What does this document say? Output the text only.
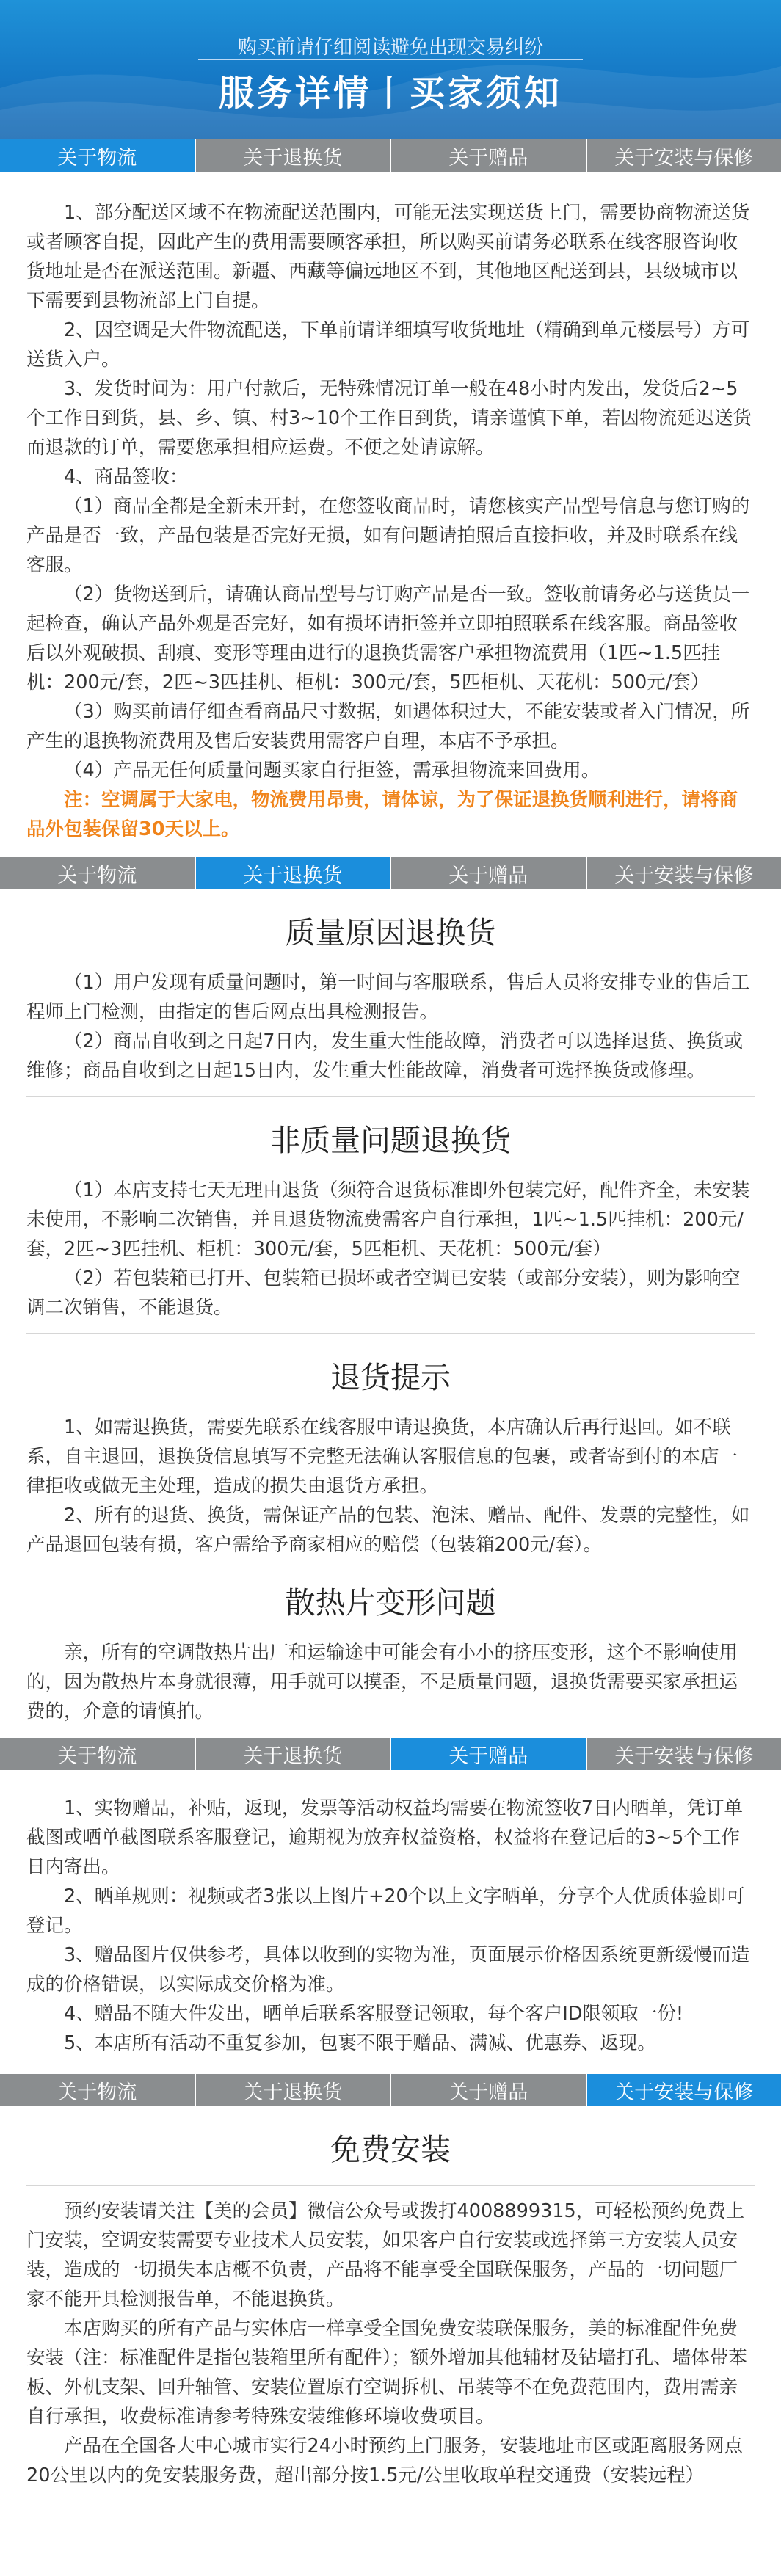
购买前请仔细阅读避免出现交易纠纷
服务详情丨买家须知
关于物流	关于退换货	关于赠品	关于安装与保修

1、部分配送区域不在物流配送范围内，可能无法实现送货上门，需要协商物流送货或者顾客自提，因此产生的费用需要顾客承担，所以购买前请务必联系在线客服咨询收货地址是否在派送范围。新疆、西藏等偏远地区不到，其他地区配送到县，县级城市以下需要到县物流部上门自提。

2、因空调是大件物流配送，下单前请详细填写收货地址（精确到单元楼层号）方可送货入户。

3、发货时间为：用户付款后，无特殊情况订单一般在48小时内发出，发货后2~5个工作日到货，县、乡、镇、村3~10个工作日到货，请亲谨慎下单，若因物流延迟送货而退款的订单，需要您承担相应运费。不便之处请谅解。

4、商品签收：

（1）商品全都是全新未开封，在您签收商品时，请您核实产品型号信息与您订购的产品是否一致，产品包装是否完好无损，如有问题请拍照后直接拒收，并及时联系在线客服。

（2）货物送到后，请确认商品型号与订购产品是否一致。签收前请务必与送货员一起检查，确认产品外观是否完好，如有损坏请拒签并立即拍照联系在线客服。商品签收后以外观破损、刮痕、变形等理由进行的退换货需客户承担物流费用（1匹~1.5匹挂机：200元/套，2匹~3匹挂机、柜机：300元/套，5匹柜机、天花机：500元/套）

（3）购买前请仔细查看商品尺寸数据，如遇体积过大，不能安装或者入门情况，所产生的退换物流费用及售后安装费用需客户自理，本店不予承担。

（4）产品无任何质量问题买家自行拒签，需承担物流来回费用。

注：空调属于大家电，物流费用昂贵，请体谅，为了保证退换货顺利进行，请将商品外包装保留30天以上。

关于物流	关于退换货	关于赠品	关于安装与保修
质量原因退换货

（1）用户发现有质量问题时，第一时间与客服联系，售后人员将安排专业的售后工程师上门检测，由指定的售后网点出具检测报告。

（2）商品自收到之日起7日内，发生重大性能故障，消费者可以选择退货、换货或维修；商品自收到之日起15日内，发生重大性能故障，消费者可选择换货或修理。

非质量问题退换货

（1）本店支持七天无理由退货（须符合退货标准即外包装完好，配件齐全，未安装未使用，不影响二次销售，并且退货物流费需客户自行承担，1匹~1.5匹挂机：200元/套，2匹~3匹挂机、柜机：300元/套，5匹柜机、天花机：500元/套）

（2）若包装箱已打开、包装箱已损坏或者空调已安装（或部分安装），则为影响空调二次销售，不能退货。

退货提示

1、如需退换货，需要先联系在线客服申请退换货，本店确认后再行退回。如不联系，自主退回，退换货信息填写不完整无法确认客服信息的包裹，或者寄到付的本店一律拒收或做无主处理，造成的损失由退货方承担。

2、所有的退货、换货，需保证产品的包装、泡沫、赠品、配件、发票的完整性，如产品退回包装有损，客户需给予商家相应的赔偿（包装箱200元/套）。

散热片变形问题

亲，所有的空调散热片出厂和运输途中可能会有小小的挤压变形，这个不影响使用的，因为散热片本身就很薄，用手就可以摸歪，不是质量问题，退换货需要买家承担运费的，介意的请慎拍。

关于物流	关于退换货	关于赠品	关于安装与保修

1、实物赠品，补贴，返现，发票等活动权益均需要在物流签收7日内晒单，凭订单截图或晒单截图联系客服登记，逾期视为放弃权益资格，权益将在登记后的3~5个工作日内寄出。

2、晒单规则：视频或者3张以上图片+20个以上文字晒单，分享个人优质体验即可登记。

3、赠品图片仅供参考，具体以收到的实物为准，页面展示价格因系统更新缓慢而造成的价格错误，以实际成交价格为准。

4、赠品不随大件发出，晒单后联系客服登记领取，每个客户ID限领取一份!

5、本店所有活动不重复参加，包裹不限于赠品、满减、优惠券、返现。

关于物流	关于退换货	关于赠品	关于安装与保修
免费安装

预约安装请关注【美的会员】微信公众号或拨打4008899315，可轻松预约免费上门安装，空调安装需要专业技术人员安装，如果客户自行安装或选择第三方安装人员安装，造成的一切损失本店概不负责，产品将不能享受全国联保服务，产品的一切问题厂家不能开具检测报告单，不能退换货。

本店购买的所有产品与实体店一样享受全国免费安装联保服务，美的标准配件免费安装（注：标准配件是指包装箱里所有配件）；额外增加其他辅材及钻墙打孔、墙体带苯板、外机支架、回升轴管、安装位置原有空调拆机、吊装等不在免费范围内，费用需亲自行承担，收费标准请参考特殊安装维修环境收费项目。

产品在全国各大中心城市实行24小时预约上门服务，安装地址市区或距离服务网点20公里以内的免安装服务费，超出部分按1.5元/公里收取单程交通费（安装远程）
